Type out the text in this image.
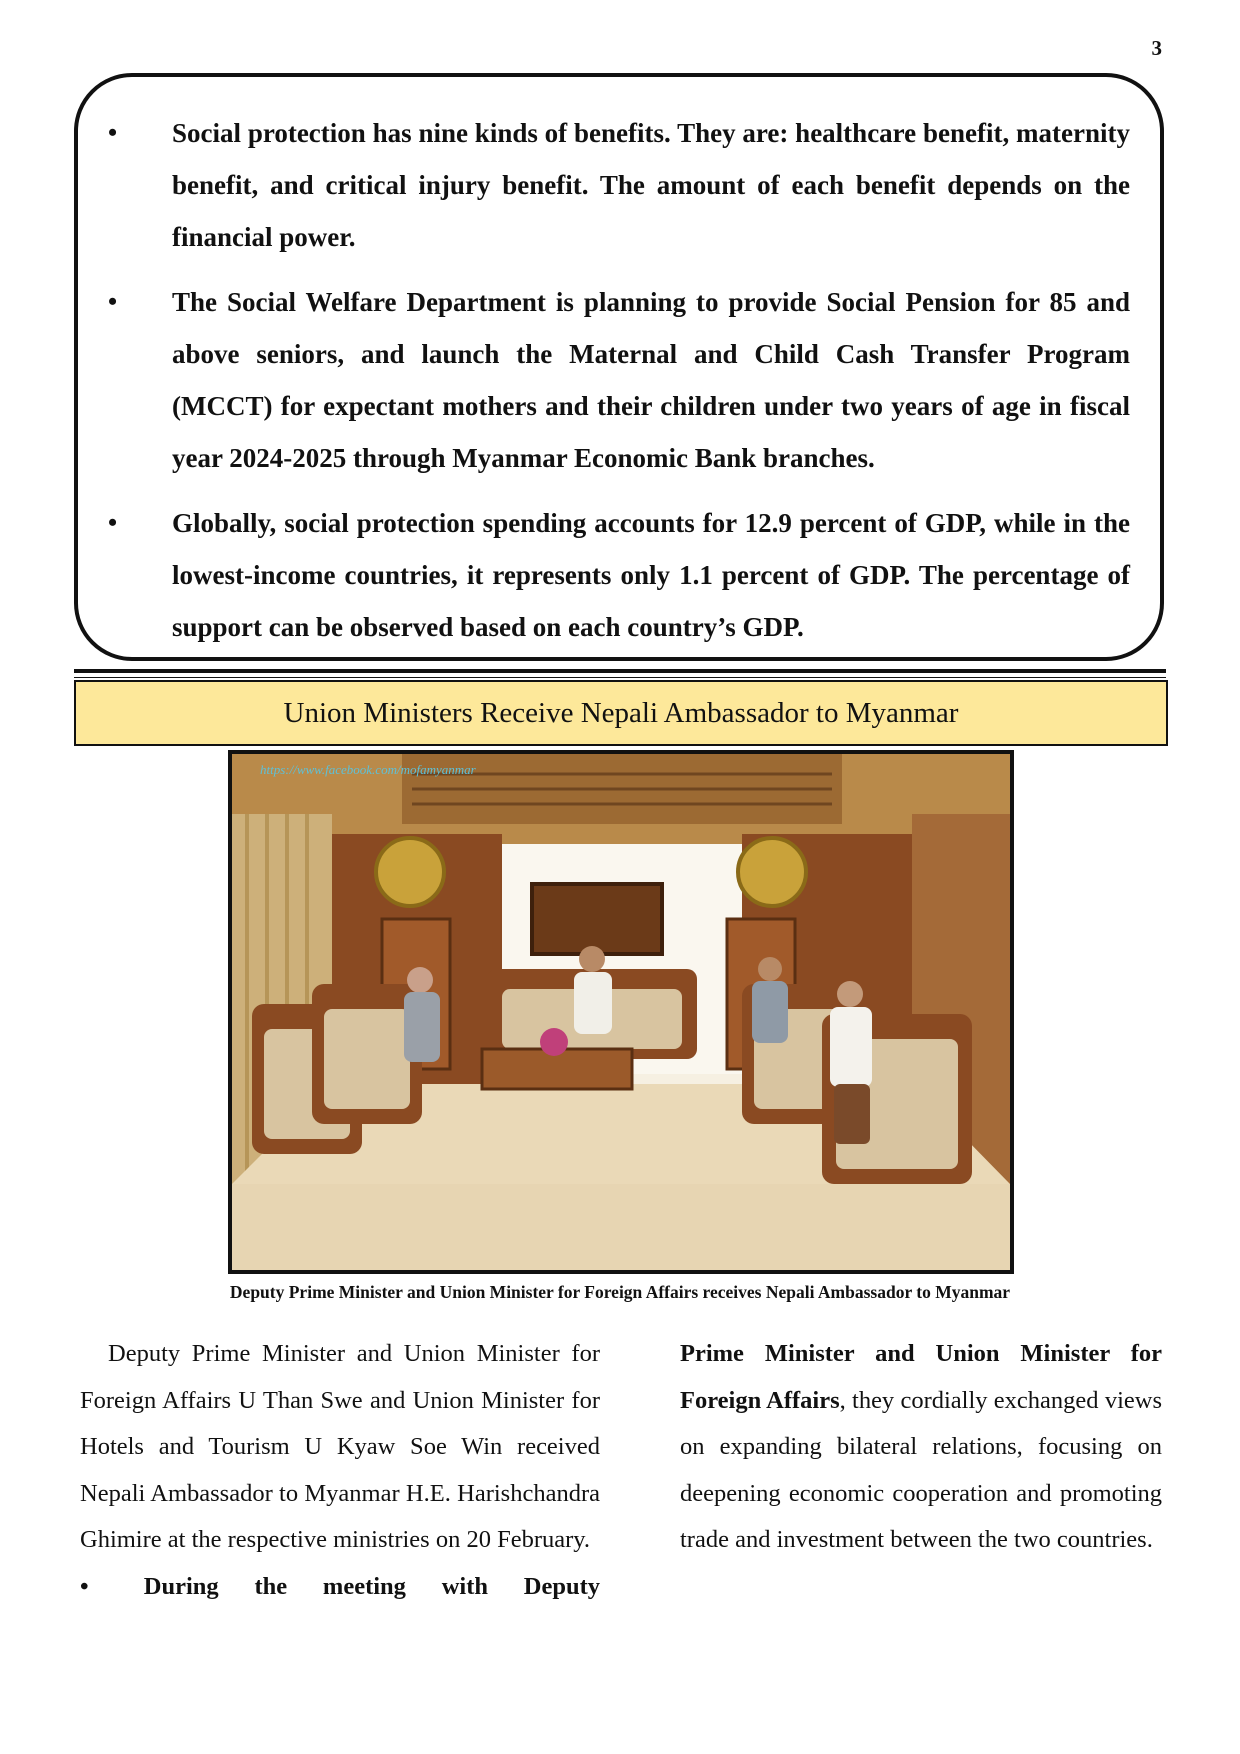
3
• Social protection has nine kinds of benefits. They are: healthcare benefit, maternity benefit, and critical injury benefit. The amount of each benefit depends on the financial power.
• The Social Welfare Department is planning to provide Social Pension for 85 and above seniors, and launch the Maternal and Child Cash Transfer Program (MCCT) for expectant mothers and their children under two years of age in fiscal year 2024-2025 through Myanmar Economic Bank branches.
• Globally, social protection spending accounts for 12.9 percent of GDP, while in the lowest-income countries, it represents only 1.1 percent of GDP. The percentage of support can be observed based on each country’s GDP.
Union Ministers Receive Nepali Ambassador to Myanmar
https://www.facebook.com/mofamyanmar
Deputy Prime Minister and Union Minister for Foreign Affairs receives Nepali Ambassador to Myanmar

Deputy Prime Minister and Union Minister for Foreign Affairs U Than Swe and Union Minister for Hotels and Tourism U Kyaw Soe Win received Nepali Ambassador to Myanmar H.E. Harishchandra Ghimire at the respective ministries on 20 February.

•	During the meeting with Deputy

Prime Minister and Union Minister for Foreign Affairs, they cordially exchanged views on expanding bilateral relations, focusing on deepening economic cooperation and promoting trade and investment between the two countries.
